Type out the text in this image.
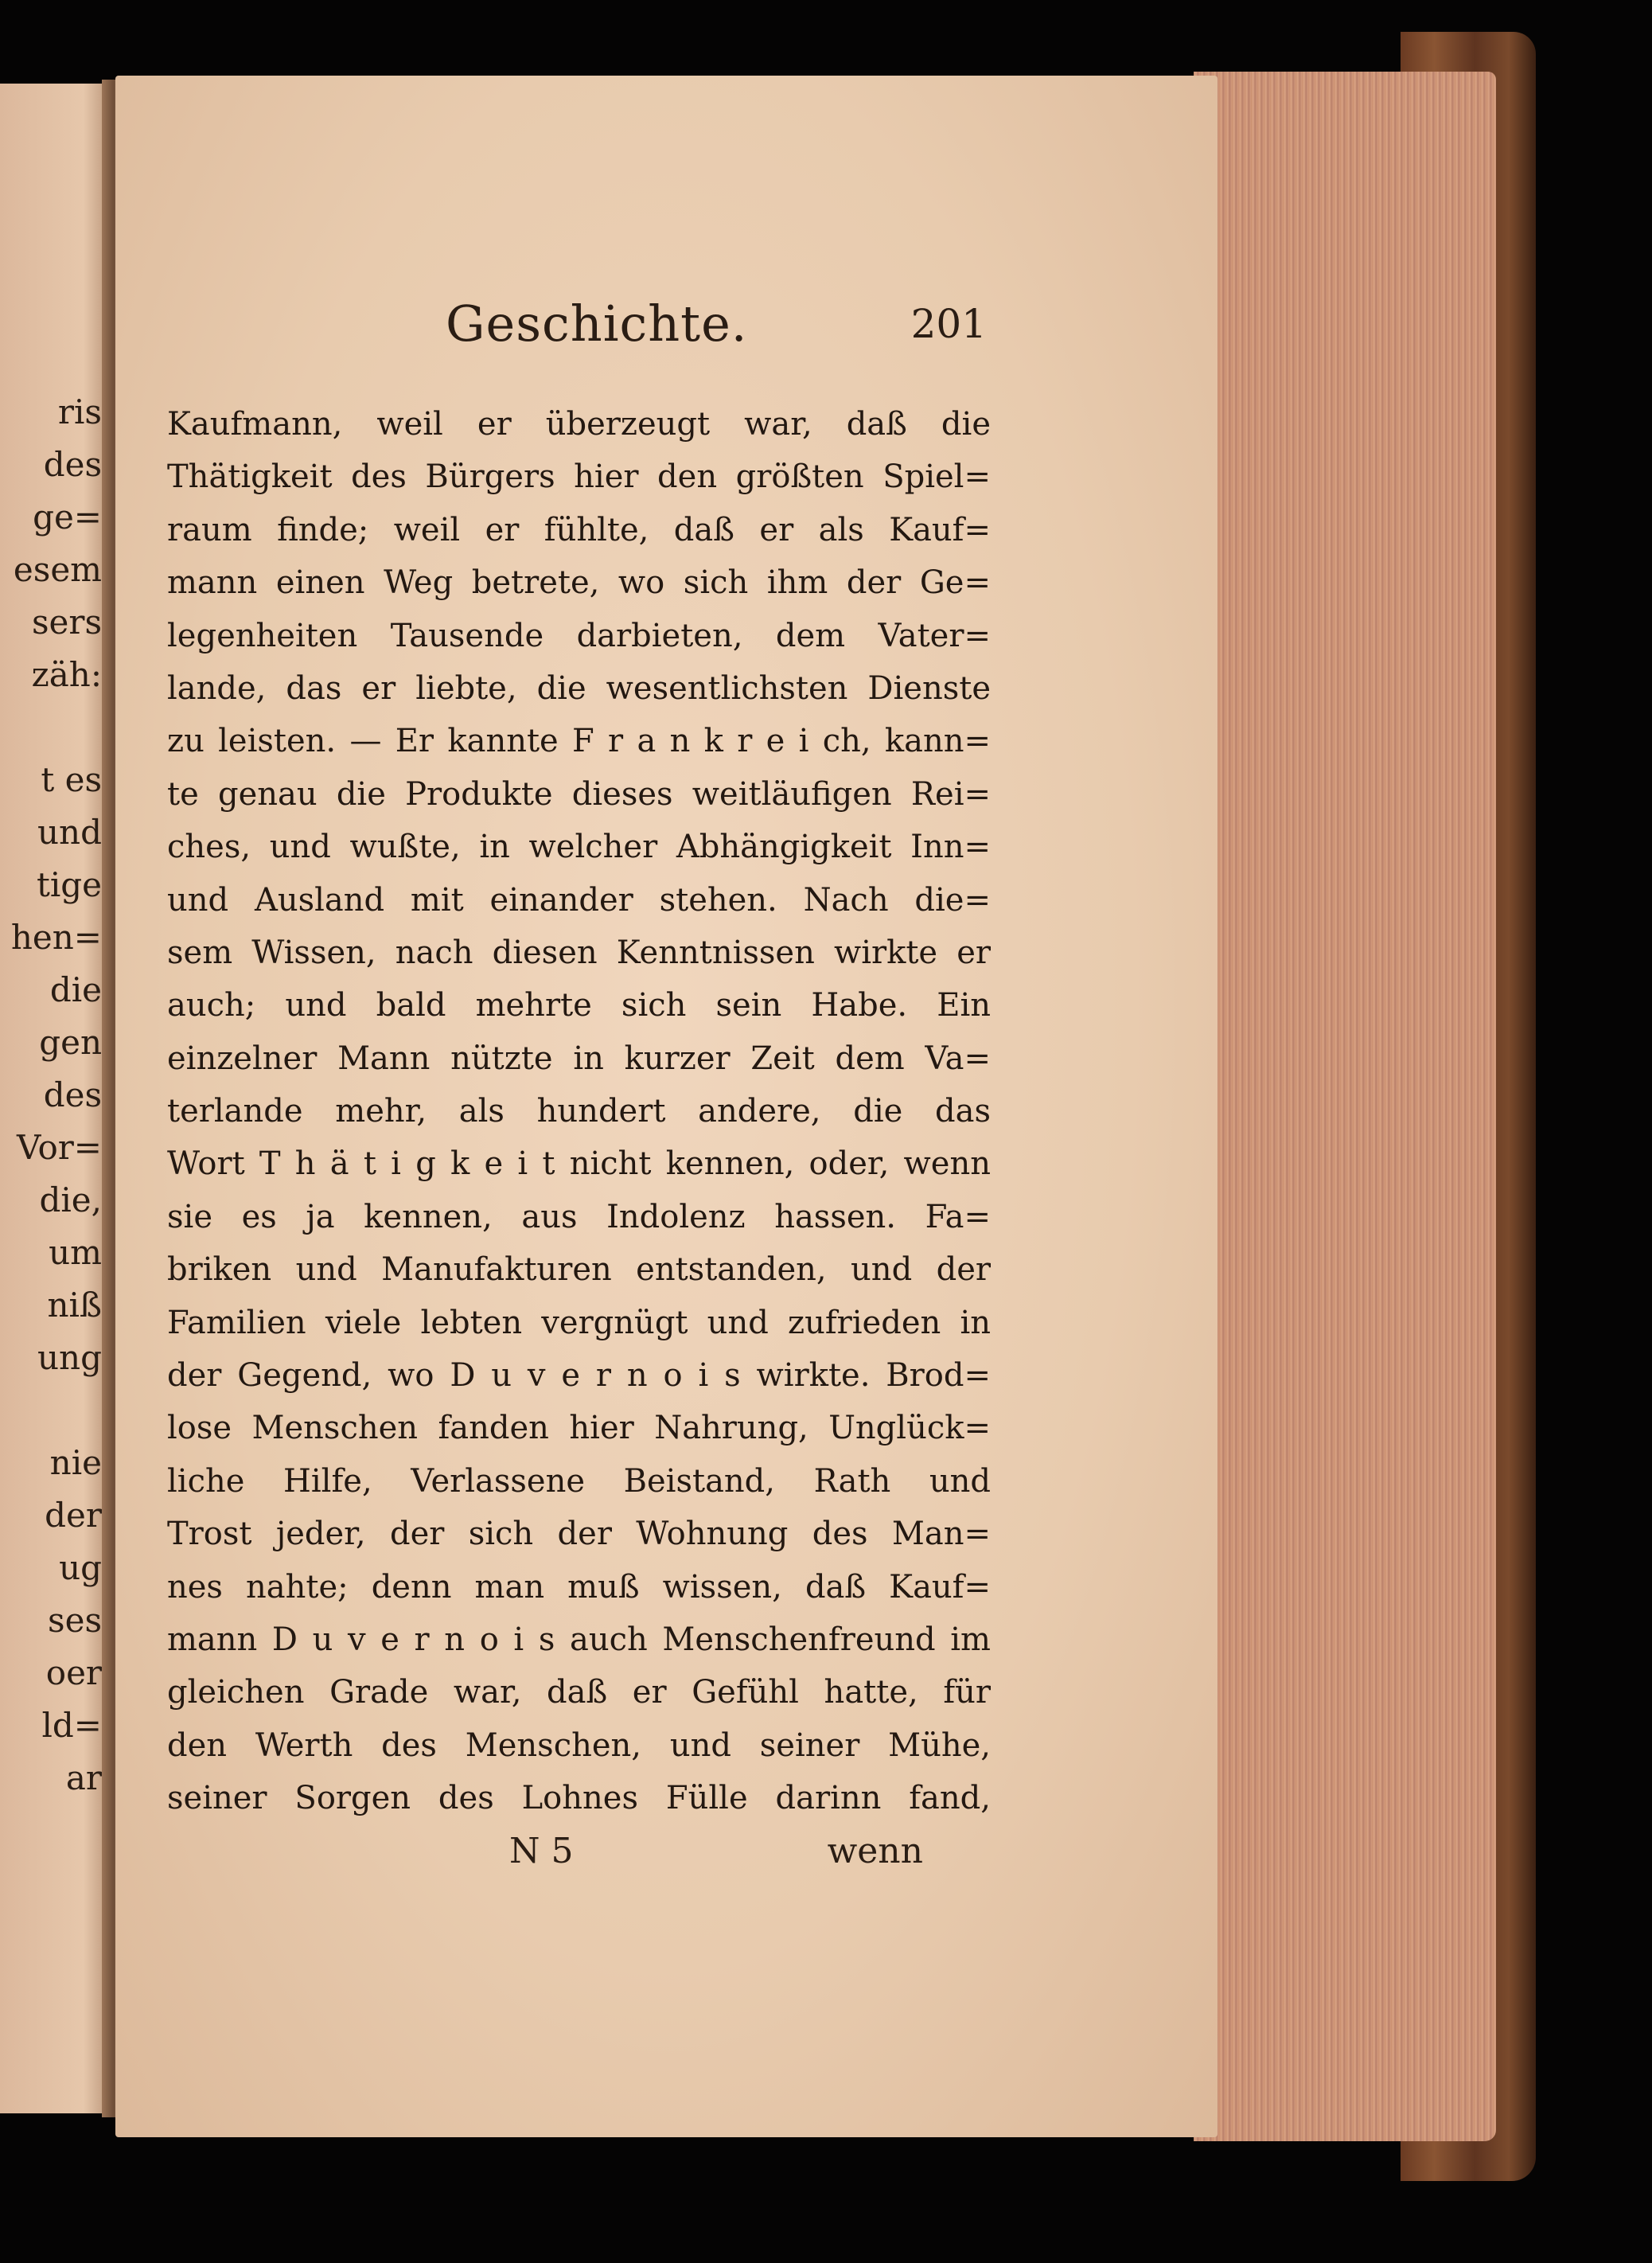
ris
des
ge=
esem
sers
zäh:
t es
und
tige
hen=
die
gen
des
Vor=
die,
um
niß
ung
nie
der
ug
ses
oer
ld=
ar
Geschichte.	201
Kaufmann, weil er überzeugt war, daß die
Thätigkeit des Bürgers hier den größten Spiel=
raum finde; weil er fühlte, daß er als Kauf=
mann einen Weg betrete, wo sich ihm der Ge=
legenheiten Tausende darbieten, dem Vater=
lande, das er liebte, die wesentlichsten Dienste
zu leisten. — Er kannte F r a n k r e i ch, kann=
te genau die Produkte dieses weitläufigen Rei=
ches, und wußte, in welcher Abhängigkeit Inn=
und Ausland mit einander stehen. Nach die=
sem Wissen, nach diesen Kenntnissen wirkte er
auch; und bald mehrte sich sein Habe. Ein
einzelner Mann nützte in kurzer Zeit dem Va=
terlande mehr, als hundert andere, die das
Wort T h ä t i g k e i t nicht kennen, oder, wenn
sie es ja kennen, aus Indolenz hassen. Fa=
briken und Manufakturen entstanden, und der
Familien viele lebten vergnügt und zufrieden in
der Gegend, wo D u v e r n o i s wirkte. Brod=
lose Menschen fanden hier Nahrung, Unglück=
liche Hilfe, Verlassene Beistand, Rath und
Trost jeder, der sich der Wohnung des Man=
nes nahte; denn man muß wissen, daß Kauf=
mann D u v e r n o i s auch Menschenfreund im
gleichen Grade war, daß er Gefühl hatte, für
den Werth des Menschen, und seiner Mühe,
seiner Sorgen des Lohnes Fülle darinn fand,
N 5	wenn
